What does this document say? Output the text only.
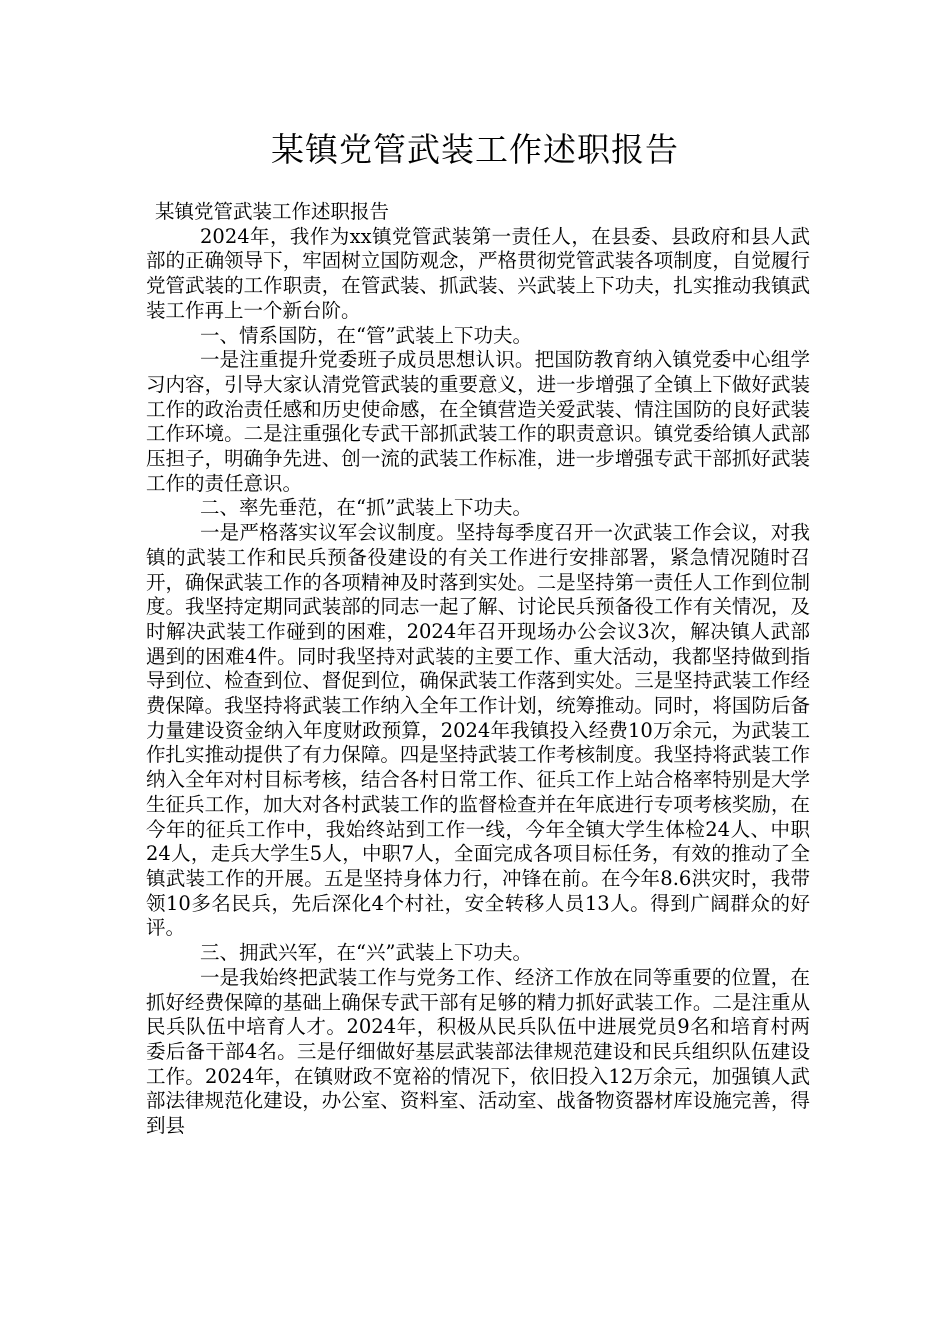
某镇党管武装工作述职报告

某镇党管武装工作述职报告

2024年，我作为xx镇党管武装第一责任人，在县委、县政府和县人武部的正确领导下，牢固树立国防观念，严格贯彻党管武装各项制度，自觉履行党管武装的工作职责，在管武装、抓武装、兴武装上下功夫，扎实推动我镇武装工作再上一个新台阶。

一、情系国防，在“管”武装上下功夫。

一是注重提升党委班子成员思想认识。把国防教育纳入镇党委中心组学习内容，引导大家认清党管武装的重要意义，进一步增强了全镇上下做好武装工作的政治责任感和历史使命感，在全镇营造关爱武装、情注国防的良好武装工作环境。二是注重强化专武干部抓武装工作的职责意识。镇党委给镇人武部压担子，明确争先进、创一流的武装工作标准，进一步增强专武干部抓好武装工作的责任意识。

二、率先垂范，在“抓”武装上下功夫。

一是严格落实议军会议制度。坚持每季度召开一次武装工作会议，对我镇的武装工作和民兵预备役建设的有关工作进行安排部署，紧急情况随时召开，确保武装工作的各项精神及时落到实处。二是坚持第一责任人工作到位制度。我坚持定期同武装部的同志一起了解、讨论民兵预备役工作有关情况，及时解决武装工作碰到的困难，2024年召开现场办公会议3次，解决镇人武部遇到的困难4件。同时我坚持对武装的主要工作、重大活动，我都坚持做到指导到位、检查到位、督促到位，确保武装工作落到实处。三是坚持武装工作经费保障。我坚持将武装工作纳入全年工作计划，统筹推动。同时，将国防后备力量建设资金纳入年度财政预算，2024年我镇投入经费10万余元，为武装工作扎实推动提供了有力保障。四是坚持武装工作考核制度。我坚持将武装工作纳入全年对村目标考核，结合各村日常工作、征兵工作上站合格率特别是大学生征兵工作，加大对各村武装工作的监督检查并在年底进行专项考核奖励，在今年的征兵工作中，我始终站到工作一线，今年全镇大学生体检24人、中职24人，走兵大学生5人，中职7人，全面完成各项目标任务，有效的推动了全镇武装工作的开展。五是坚持身体力行，冲锋在前。在今年8.6洪灾时，我带领10多名民兵，先后深化4个村社，安全转移人员13人。得到广阔群众的好评。

三、拥武兴军，在“兴”武装上下功夫。

一是我始终把武装工作与党务工作、经济工作放在同等重要的位置，在抓好经费保障的基础上确保专武干部有足够的精力抓好武装工作。二是注重从民兵队伍中培育人才。2024年，积极从民兵队伍中进展党员9名和培育村两委后备干部4名。三是仔细做好基层武装部法律规范建设和民兵组织队伍建设工作。2024年，在镇财政不宽裕的情况下，依旧投入12万余元，加强镇人武部法律规范化建设，办公室、资料室、活动室、战备物资器材库设施完善，得到县
